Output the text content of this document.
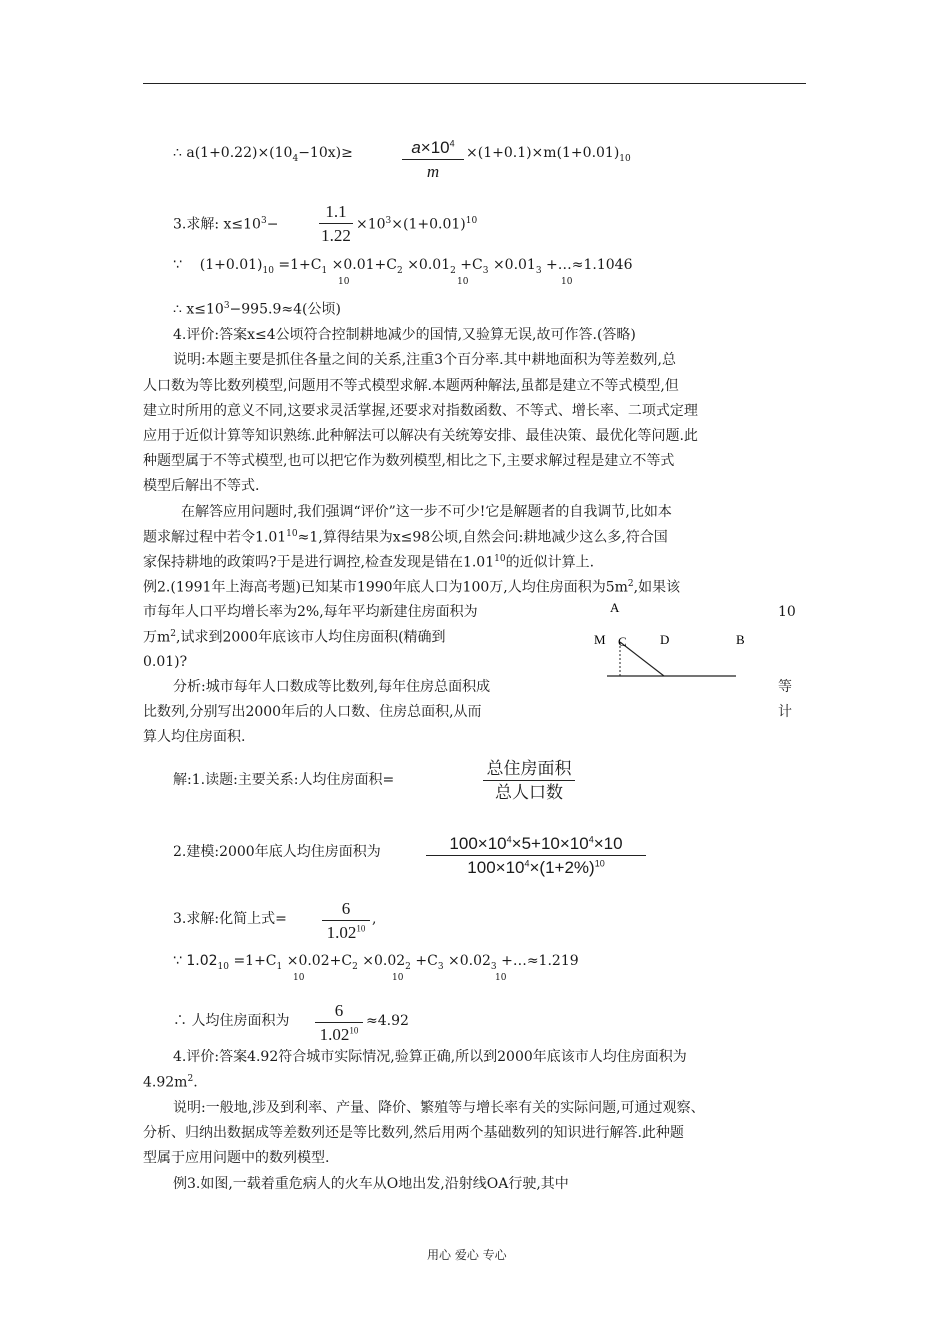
∴ $a(1+0.22)\times(10_4-10x)\ge$	$a\times 10^4$
m
$\times(1+0.1)\times m(1+0.01)_{10}$
3.求解: $x\le 10^3-$
1.1
1.22
$\times 10^3\times(1+0.01)^{10}$
∵ $(1+0.01)_{10} =1+C_1 \times 0.01+C_2 \times 0.01_2 +C_3 \times 0.01_3$ +…≈1.1046
10	10	10
∴ $x\le 10^3-995.9\approx 4$(公顷)
4.评价:答案x≤4公顷符合控制耕地减少的国情,又验算无误,故可作答.(答略)
说明:本题主要是抓住各量之间的关系,注重3个百分率.其中耕地面积为等差数列,总
人口数为等比数列模型,问题用不等式模型求解.本题两种解法,虽都是建立不等式模型,但
建立时所用的意义不同,这要求灵活掌握,还要求对指数函数、不等式、增长率、二项式定理
应用于近似计算等知识熟练.此种解法可以解决有关统筹安排、最佳决策、最优化等问题.此
种题型属于不等式模型,也可以把它作为数列模型,相比之下,主要求解过程是建立不等式
模型后解出不等式.
在解答应用问题时,我们强调“评价”这一步不可少!它是解题者的自我调节,比如本
题求解过程中若令$1.01^{10}\approx 1$,算得结果为x≤98公顷,自然会问:耕地减少这么多,符合国
家保持耕地的政策吗?于是进行调控,检查发现是错在1.01$^{10}$的近似计算上.
例2.(1991年上海高考题)已知某市1990年底人口为100万,人均住房面积为$5m^2$,如果该
市每年人口平均增长率为2%,每年平均新建住房面积为	10
万$m^2$,试求到2000年底该市人均住房面积(精确到
0.01)?
A
M C	D	B
分析:城市每年人口数成等比数列,每年住房总面积成	等
比数列,分别写出2000年后的人口数、住房总面积,从而	计
算人均住房面积.
解:1.读题:主要关系:人均住房面积=
总住房面积
总人口数
2.建模:2000年底人均住房面积为	$100\times 10^4\times 5+10\times 10^4\times 10$
$100\times 10^4\times(1+2\%)^{10}$
3.求解:化简上式=
6
1.02$^{10}$
,
∵ $1.02_{10} =1+C_1 \times 0.02+C_2 \times 0.02_2 +C_3 \times 0.02_3$ +…≈1.219
10	10	10
∴ 人均住房面积为
6
$1.02^{10}$
≈4.92
4.评价:答案4.92符合城市实际情况,验算正确,所以到2000年底该市人均住房面积为
$4.92m^2$.
说明:一般地,涉及到利率、产量、降价、繁殖等与增长率有关的实际问题,可通过观察、
分析、归纳出数据成等差数列还是等比数列,然后用两个基础数列的知识进行解答.此种题
型属于应用问题中的数列模型.
例3.如图,一载着重危病人的火车从O地出发,沿射线OA行驶,其中
用心 爱心 专心
